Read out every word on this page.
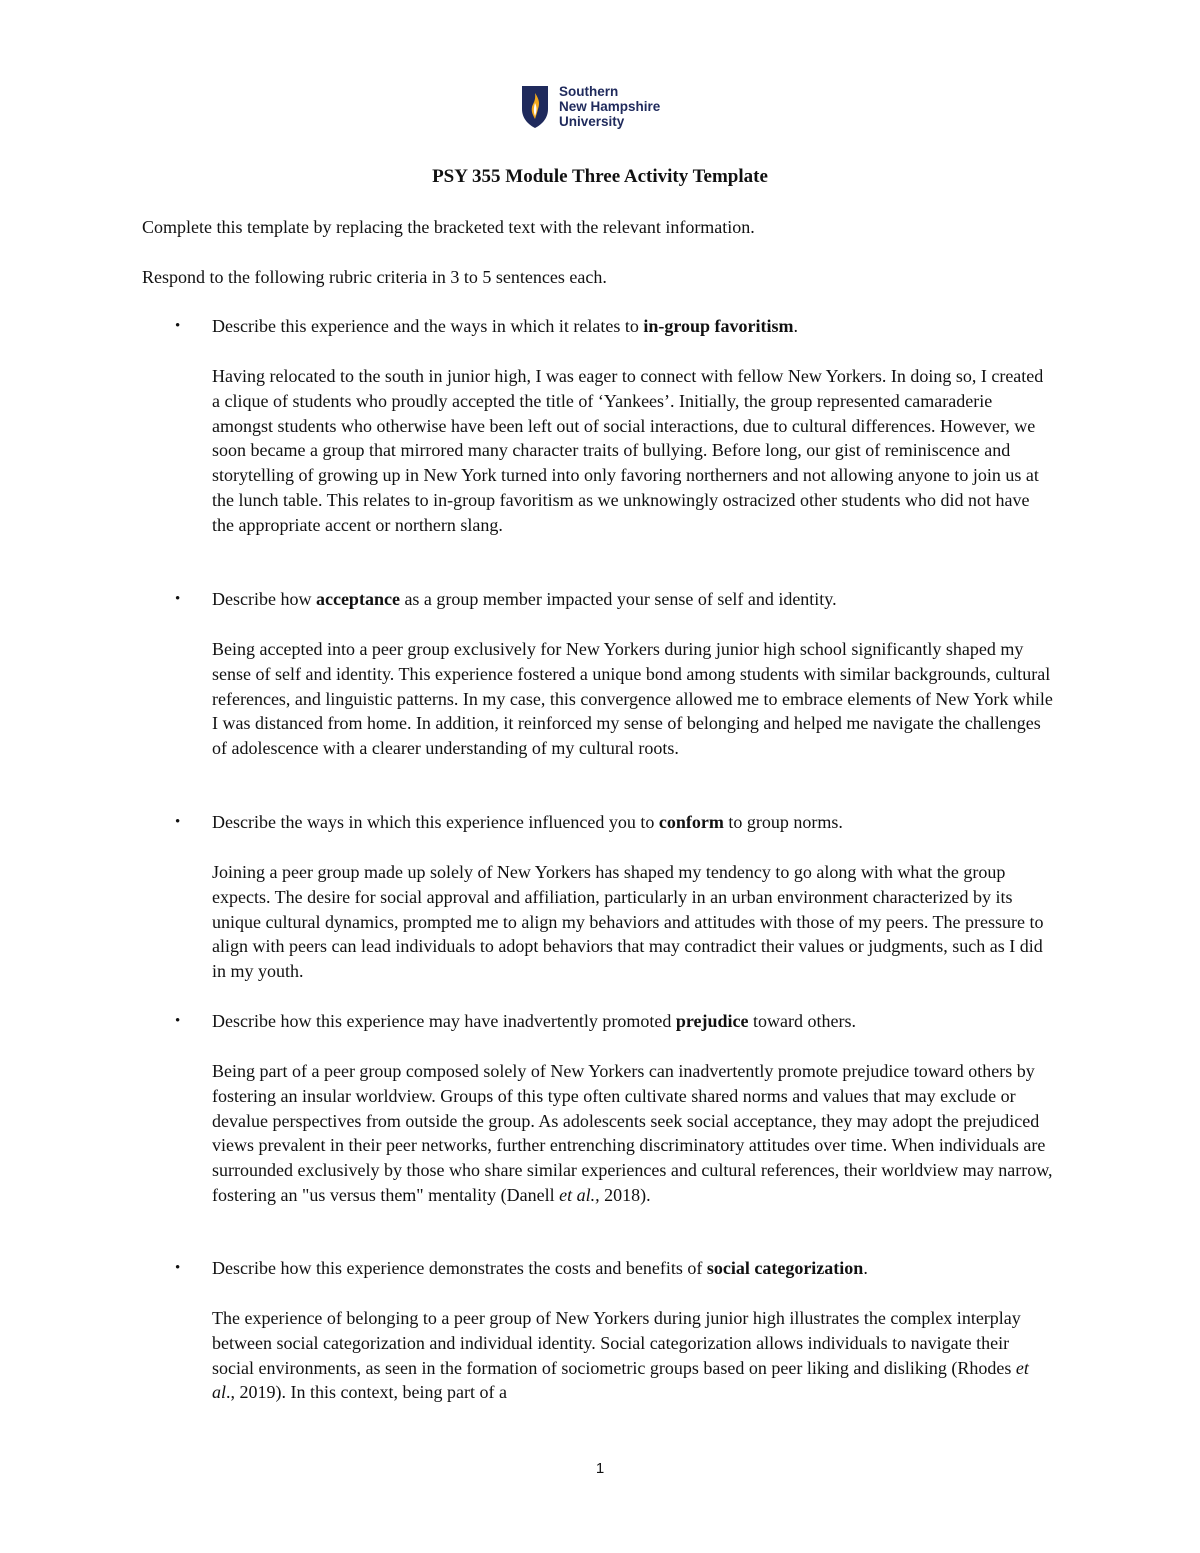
Southern
New Hampshire
University
PSY 355 Module Three Activity Template

Complete this template by replacing the bracketed text with the relevant information.

Respond to the following rubric criteria in 3 to 5 sentences each.

• Describe this experience and the ways in which it relates to in-group favoritism.

Having relocated to the south in junior high, I was eager to connect with fellow New Yorkers. In doing so, I created a clique of students who proudly accepted the title of ‘Yankees’. Initially, the group represented camaraderie amongst students who otherwise have been left out of social interactions, due to cultural differences. However, we soon became a group that mirrored many character traits of bullying. Before long, our gist of reminiscence and storytelling of growing up in New York turned into only favoring northerners and not allowing anyone to join us at the lunch table. This relates to in-group favoritism as we unknowingly ostracized other students who did not have the appropriate accent or northern slang.

• Describe how acceptance as a group member impacted your sense of self and identity.

Being accepted into a peer group exclusively for New Yorkers during junior high school significantly shaped my sense of self and identity. This experience fostered a unique bond among students with similar backgrounds, cultural references, and linguistic patterns. In my case, this convergence allowed me to embrace elements of New York while I was distanced from home. In addition, it reinforced my sense of belonging and helped me navigate the challenges of adolescence with a clearer understanding of my cultural roots.

• Describe the ways in which this experience influenced you to conform to group norms.

Joining a peer group made up solely of New Yorkers has shaped my tendency to go along with what the group expects. The desire for social approval and affiliation, particularly in an urban environment characterized by its unique cultural dynamics, prompted me to align my behaviors and attitudes with those of my peers. The pressure to align with peers can lead individuals to adopt behaviors that may contradict their values or judgments, such as I did in my youth.

• Describe how this experience may have inadvertently promoted prejudice toward others.

Being part of a peer group composed solely of New Yorkers can inadvertently promote prejudice toward others by fostering an insular worldview. Groups of this type often cultivate shared norms and values that may exclude or devalue perspectives from outside the group. As adolescents seek social acceptance, they may adopt the prejudiced views prevalent in their peer networks, further entrenching discriminatory attitudes over time. When individuals are surrounded exclusively by those who share similar experiences and cultural references, their worldview may narrow, fostering an "us versus them" mentality (Danell et al., 2018).

• Describe how this experience demonstrates the costs and benefits of social categorization.

The experience of belonging to a peer group of New Yorkers during junior high illustrates the complex interplay between social categorization and individual identity. Social categorization allows individuals to navigate their social environments, as seen in the formation of sociometric groups based on peer liking and disliking (Rhodes et al., 2019). In this context, being part of a

1
